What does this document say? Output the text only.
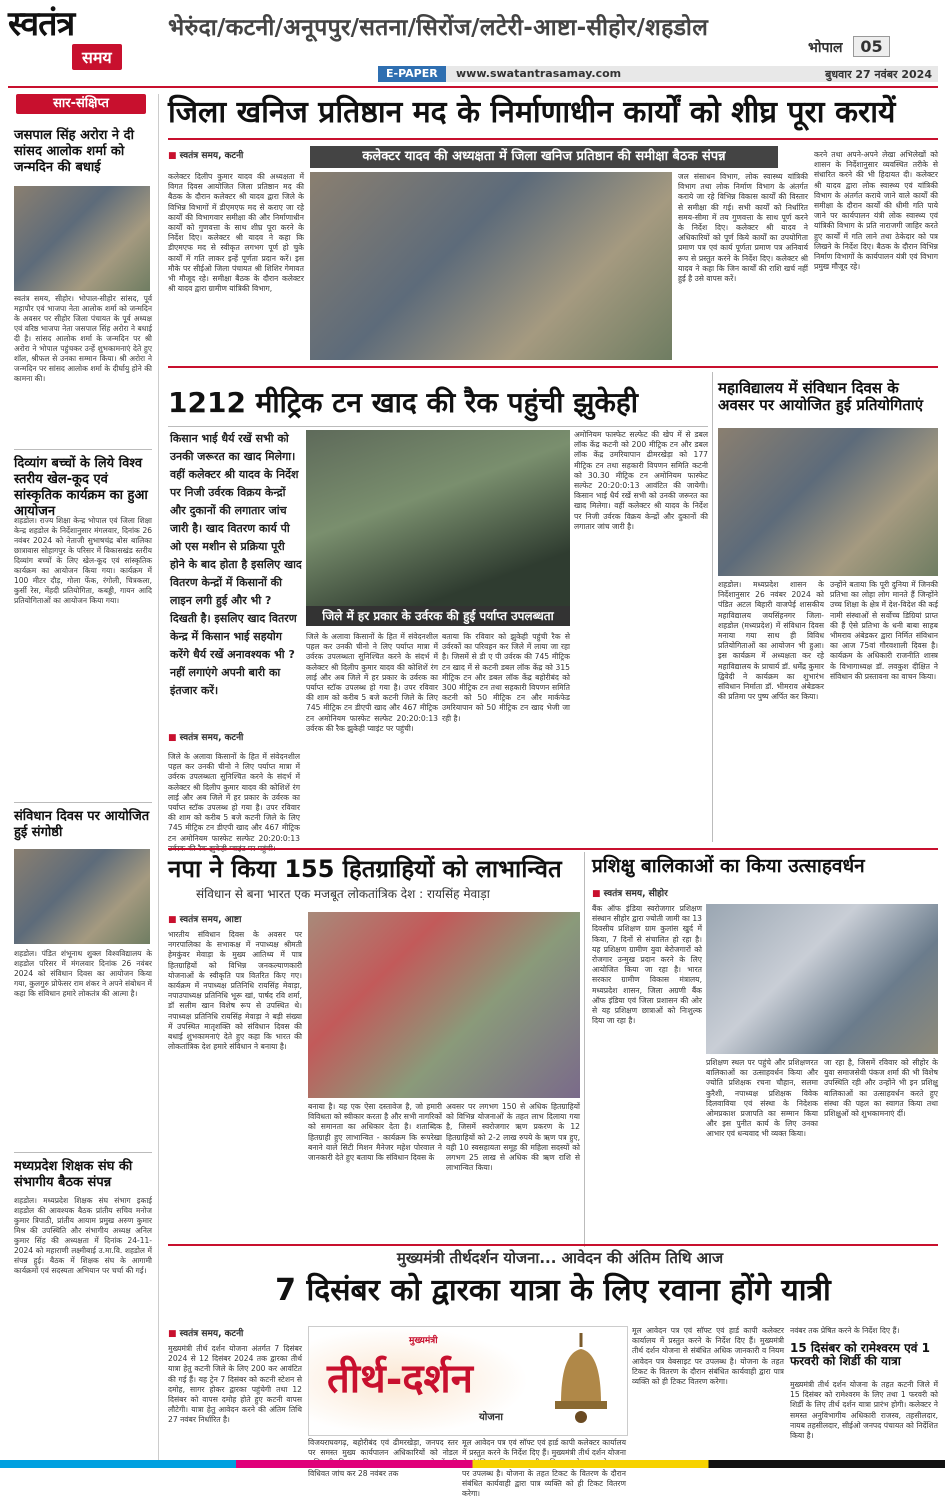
स्वतंत्र
समय
भेरुंदा/कटनी/अनूपपुर/सतना/सिरोंज/लटेरी-आष्टा-सीहोर/शहडोल
भोपाल 05
E-PAPER	www.swatantrasamay.com	बुधवार 27 नवंबर 2024
सार-संक्षिप्त
जसपाल सिंह अरोरा ने दी सांसद आलोक शर्मा को जन्मदिन की बधाई
स्वतंत्र समय, सीहोर। भोपाल-सीहोर सांसद, पूर्व महापौर एवं भाजपा नेता आलोक शर्मा को जन्मदिन के अवसर पर सीहोर जिला पंचायत के पूर्व अध्यक्ष एवं वरिष्ठ भाजपा नेता जसपाल सिंह अरोरा ने बधाई दी है। सांसद आलोक शर्मा के जन्मदिन पर श्री अरोरा ने भोपाल पहुंचकर उन्हें शुभकामनाएं देते हुए शॉल, श्रीफल से उनका सम्मान किया। श्री अरोरा ने जन्मदिन पर सांसद आलोक शर्मा के दीर्घायु होने की कामना की।
दिव्यांग बच्चों के लिये विश्व स्तरीय खेल-कूद एवं सांस्कृतिक कार्यक्रम का हुआ आयोजन
शहडोल। राज्य शिक्षा केन्द्र भोपाल एवं जिला शिक्षा केन्द्र शहडोल के निर्देशानुसार मंगलवार, दिनांक 26 नवंबर 2024 को नेताजी सुभाषचंद्र बोस बालिका छात्रावास सोहागपुर के परिसर में विकासखंड स्तरीय दिव्यांग बच्चों के लिए खेल-कूद एवं सांस्कृतिक कार्यक्रम का आयोजन किया गया। कार्यक्रम में 100 मीटर दौड़, गोला फेंक, रंगोली, चित्रकला, कुर्सी रेस, मेंहदी प्रतियोगिता, कबड्डी, गायन आदि प्रतियोगिताओं का आयोजन किया गया।
संविधान दिवस पर आयोजित हुई संगोष्ठी
शहडोल। पंडित शंभूनाथ शुक्ल विश्वविद्यालय के शहडोल परिसर में मंगलवार दिनांक 26 नवंबर 2024 को संविधान दिवस का आयोजन किया गया, कुलगुरु प्रोफेसर राम शंकर ने अपने संबोधन में कहा कि संविधान हमारे लोकतंत्र की आत्मा है।
मध्यप्रदेश शिक्षक संघ की संभागीय बैठक संपन्न
शहडोल। मध्यप्रदेश शिक्षक संघ संभाग इकाई शहडोल की आवश्यक बैठक प्रांतीय सचिव मनोज कुमार त्रिपाठी, प्रांतीय आयाम प्रमुख अरुण कुमार मिश्र की उपस्थिति और संभागीय अध्यक्ष अनिल कुमार सिंह की अध्यक्षता में दिनांक 24-11-2024 को महाराणी लक्ष्मीबाई उ.मा.वि. शहडोल में संपन्न हुई। बैठक में शिक्षक संघ के आगामी कार्यक्रमों एवं सदस्यता अभियान पर चर्चा की गई।
जिला खनिज प्रतिष्ठान मद के निर्माणाधीन कार्यों को शीघ्र पूरा करायें
■ स्वतंत्र समय, कटनी	कलेक्टर यादव की अध्यक्षता में जिला खनिज प्रतिष्ठान की समीक्षा बैठक संपन्न
कलेक्टर दिलीप कुमार यादव की अध्यक्षता में विगत दिवस आयोजित जिला प्रतिष्ठान मद की बैठक के दौरान कलेक्टर श्री यादव द्वारा जिले के विभिन्न विभागों में डीएमएफ मद से कराए जा रहे कार्यों की विभागवार समीक्षा की और निर्माणाधीन कार्यों को गुणवत्ता के साथ शीघ्र पूरा करने के निर्देश दिए। कलेक्टर श्री यादव ने कहा कि डीएमएफ मद से स्वीकृत लगभग पूर्ण हो चुके कार्यों में गति लाकर इन्हें पूर्णता प्रदान करें। इस मौके पर सीईओ जिला पंचायत श्री शिशिर गेमावत भी मौजूद रहे। समीक्षा बैठक के दौरान कलेक्टर श्री यादव द्वारा ग्रामीण यांत्रिकी विभाग,
जल संसाधन विभाग, लोक स्वास्थ्य यांत्रिकी विभाग तथा लोक निर्माण विभाग के अंतर्गत कराये जा रहे विभिन्न विकास कार्यों की विस्तार से समीक्षा की गई। सभी कार्यों को निर्धारित समय-सीमा में तय गुणवत्ता के साथ पूर्ण करने के निर्देश दिए। कलेक्टर श्री यादव ने अधिकारियों को पूर्ण किये कार्यों का उपयोगिता प्रमाण पत्र एवं कार्य पूर्णता प्रमाण पत्र अनिवार्य रूप से प्रस्तुत करने के निर्देश दिए। कलेक्टर श्री यादव ने कहा कि जिन कार्यों की राशि खर्च नहीं हुई है उसे वापस करें।
करने तथा अपने-अपने लेखा अभिलेखों को शासन के निर्देशानुसार व्यवस्थित तरीके से संधारित करने की भी हिदायत दी। कलेक्टर श्री यादव द्वारा लोक स्वास्थ्य एवं यांत्रिकी विभाग के अंतर्गत कराये जाने वाले कार्यों की समीक्षा के दौरान कार्यों की धीमी गति पाये जाने पर कार्यपालन यंत्री लोक स्वास्थ्य एवं यांत्रिकी विभाग के प्रति नाराजगी जाहिर करते हुए कार्यों में गति लाने तथा ठेकेदार को पत्र लिखने के निर्देश दिए। बैठक के दौरान विभिन्न निर्माण विभागों के कार्यपालन यंत्री एवं विभाग प्रमुख मौजूद रहे।
1212 मीट्रिक टन खाद की रैक पहुंची झुकेही
किसान भाई धैर्य रखें सभी को उनकी जरूरत का खाद मिलेगा। वहीं कलेक्टर श्री यादव के निर्देश पर निजी उर्वरक विक्रय केन्द्रों और दुकानों की लगातार जांच जारी है। खाद वितरण कार्य पी ओ एस मशीन से प्रक्रिया पूरी होने के बाद होता है इसलिए खाद वितरण केन्द्रों में किसानों की लाइन लगी हुई और भी ? दिखती है। इसलिए खाद वितरण केन्द्र में किसान भाई सहयोग करेंगे धैर्य रखें अनावश्यक भी ? नहीं लगाएंगे अपनी बारी का इंतजार करें।
जिले में हर प्रकार के उर्वरक की हुई पर्याप्त उपलब्धता
अमोनियम फास्फेट सल्फेट की खेप में से डबल लॉक केंद्र कटनी को 200 मीट्रिक टन और डबल लॉक केंद्र उमरियापान ढीमरखेड़ा को 177 मीट्रिक टन तथा सहकारी विपणन समिति कटनी को 30.30 मीट्रिक टन अमोनियम फास्फेट सल्फेट 20:20:0:13 आवंटित की जायेगी। किसान भाई धैर्य रखें सभी को उनकी जरूरत का खाद मिलेगा। वहीं कलेक्टर श्री यादव के निर्देश पर निजी उर्वरक विक्रय केन्द्रों और दुकानों की लगातार जांच जारी है।
■ स्वतंत्र समय, कटनी
जिले के अलावा किसानों के हित में संवेदनशील पहल कर उनकी चीनो ने लिए पर्याप्त मात्रा में उर्वरक उपलब्धता सुनिश्चित करने के संदर्भ में कलेक्टर श्री दिलीप कुमार यादव की कोशिशें रंग लाई और अब जिले में हर प्रकार के उर्वरक का पर्याप्त स्टॉक उपलब्ध हो गया है। उपर रविवार की शाम को करीब 5 बजे कटनी जिले के लिए 745 मीट्रिक टन डीएपी खाद और 467 मीट्रिक टन अमोनियम फास्फेट सल्फेट 20:20:0:13
जिले के अलावा किसानों के हित में संवेदनशील पहल कर उनकी चीनो ने लिए पर्याप्त मात्रा में उर्वरक उपलब्धता सुनिश्चित करने के संदर्भ में कलेक्टर श्री दिलीप कुमार यादव की कोशिशें रंग लाई और अब जिले में हर प्रकार के उर्वरक का पर्याप्त स्टॉक उपलब्ध हो गया है। उपर रविवार की शाम को करीब 5 बजे कटनी जिले के लिए 745 मीट्रिक टन डीएपी खाद और 467 मीट्रिक टन अमोनियम फास्फेट सल्फेट 20:20:0:13 उर्वरक की रैक झुकेही प्वाइंट पर पहुंची।
बताया कि रविवार को झुकेही पहुंची रैक से उर्वरकों का परिवहन कर जिले में लाया जा रहा है। जिसमें से डी ए पी उर्वरक की 745 मीट्रिक टन खाद में से कटनी डबल लॉक केंद्र को 315 मीट्रिक टन और डबल लॉक केंद्र बहोरीबंद को 300 मीट्रिक टन तथा सहकारी विपणन समिति कटनी को 50 मीट्रिक टन और मार्कफेड उमरियापान को 50 मीट्रिक टन खाद भेजी जा रही है।
महाविद्यालय में संविधान दिवस के अवसर पर आयोजित हुई प्रतियोगिताएं
शहडोल। मध्यप्रदेश शासन के निर्देशानुसार 26 नवंबर 2024 को पंडित अटल बिहारी वाजपेई शासकीय महाविद्यालय जयसिंहनगर जिला-शहडोल (मध्यप्रदेश) में संविधान दिवस मनाया गया साथ ही विविध प्रतियोगिताओं का आयोजन भी हुआ। इस कार्यक्रम में अध्यक्षता कर रहे महाविद्यालय के प्राचार्य डॉ. धर्मेंद्र कुमार द्विवेदी ने कार्यक्रम का शुभारंभ संविधान निर्माता डॉ. भीमराव अंबेडकर की प्रतिमा पर पुष्प अर्पित कर किया।
उन्होंने बताया कि पूरी दुनिया में जिनकी प्रतिभा का लोहा लोग मानते हैं जिन्होंने उच्च शिक्षा के क्षेत्र में देश-विदेश की कई नामी संस्थाओं से सर्वोच्च डिग्रियां प्राप्त की हैं ऐसे प्रतिभा के धनी बाबा साहब भीमराव अंबेडकर द्वारा निर्मित संविधान का आज 75वां गौरवशाली दिवस है। कार्यक्रम के अधिकारी राजनीति शास्त्र के विभागाध्यक्ष डॉ. लवकुश दीक्षित ने संविधान की प्रस्तावना का वाचन किया।
नपा ने किया 155 हितग्राहियों को लाभान्वित
संविधान से बना भारत एक मजबूत लोकतांत्रिक देश : रायसिंह मेवाड़ा
■ स्वतंत्र समय, आष्टा
भारतीय संविधान दिवस के अवसर पर नगरपालिका के सभाकक्ष में नपाध्यक्ष श्रीमती हेमकुंवर मेवाड़ा के मुख्य आतिथ्य में पात्र हितग्राहियों को विभिन्न जनकल्याणकारी योजनाओं के स्वीकृति पत्र वितरित किए गए। कार्यक्रम में नपाध्यक्ष प्रतिनिधि रायसिंह मेवाड़ा, नपाउपाध्यक्ष प्रतिनिधि भूरू खां, पार्षद रवि शर्मा, डॉ सलीम खान विशेष रूप से उपस्थित थे। नपाध्यक्ष प्रतिनिधि रायसिंह मेवाड़ा ने बड़ी संख्या में उपस्थित मातृशक्ति को संविधान दिवस की बधाई शुभकामनाएं देते हुए कहा कि भारत की लोकतांत्रिक देश हमारे संविधान ने बनाया है।
बनाया है। यह एक ऐसा दस्तावेज है, जो हमारी विविधता को स्वीकार करता है और सभी नागरिकों को समानता का अधिकार देता है। शताब्दिक हितग्राही हुए लाभान्वित - कार्यक्रम कि रूपरेखा बनाने वाले सिटी मिशन मैनेजर महेश पोरवाल ने जानकारी देते हुए बताया कि संविधान दिवस के
अवसर पर लगभग 150 से अधिक हितग्राहियों को विभिन्न योजनाओं के तहत लाभ दिलाया गया है, जिसमें स्वरोजगार ऋण प्रकरण के 12 हितग्राहियों को 2-2 लाख रुपये के ऋण पत्र हुए, वही 10 स्वसहायता समूह की महिला सदस्यों को लगभग 25 लाख से अधिक की ऋण राशि से लाभान्वित किया।
प्रशिक्षु बालिकाओं का किया उत्साहवर्धन
■ स्वतंत्र समय, सीहोर
बैंक ऑफ इंडिया स्वरोजगार प्रशिक्षण संस्थान सीहोर द्वारा ज्योती जामी का 13 दिवसीय प्रशिक्षण ग्राम कुलांस खुर्द में किया, 7 दिनों से संचालित हो रहा है। यह प्रशिक्षण ग्रामीण युवा बेरोजगारों को रोजगार उन्मुख प्रदान करने के लिए आयोजित किया जा रहा है। भारत सरकार ग्रामीण विकास मंत्रालय, मध्यप्रदेश शासन, जिला अग्रणी बैंक ऑफ इंडिया एवं जिला प्रशासन की ओर से यह प्रशिक्षण छात्राओं को निःशुल्क दिया जा रहा है।
प्रशिक्षण स्थल पर पहुंचे और प्रशिक्षणरत बालिकाओं का उत्साहवर्धन किया और ज्योति प्रशिक्षक रचना चौहान, सलमा कुरैशी, नपाध्यक्ष प्रशिक्षक विवेक दिलवाविया एवं संस्था के निदेशक ओमप्रकाश प्रजापति का सम्मान किया और इस पुनीत कार्य के लिए उनका आभार एवं धन्यवाद भी व्यक्त किया।
जा रहा है, जिसमें रविवार को सीहोर के युवा समाजसेवी पंकज शर्मा की भी विशेष उपस्थिति रही और उन्होंने भी इन प्रशिक्षु बालिकाओं का उत्साहवर्धन करते हुए संस्था की पहल का स्वागत किया तथा प्रशिक्षुओं को शुभकामनाएं दीं।
मुख्यमंत्री तीर्थदर्शन योजना... आवेदन की अंतिम तिथि आज
7 दिसंबर को द्वारका यात्रा के लिए रवाना होंगे यात्री
■ स्वतंत्र समय, कटनी
मुख्यमंत्री तीर्थ दर्शन योजना अंतर्गत 7 दिसंबर 2024 से 12 दिसंबर 2024 तक द्वारका तीर्थ यात्रा हेतु कटनी जिले के लिए 200 कर आवंटित की गई हैं। यह ट्रेन 7 दिसंबर को कटनी स्टेशन से दमोह, सागर होकर द्वारका पहुंचेगी तथा 12 दिसंबर को वापस दमोह होते हुए कटनी वापस लौटेगी। यात्रा हेतु आवेदन करने की अंतिम तिथि 27 नवंबर निर्धारित है।
मुख्यमंत्री
तीर्थ-दर्शन
योजना
विजयराघवगढ़, बहोरीबंद एवं ढीमरखेड़ा, जनपद स्तर पर समस्त मुख्य कार्यपालन अधिकारियों को नोडल विधिवत जांच कर 28 नवंबर तक
मूल आवेदन पत्र एवं सॉफ्ट एवं हार्ड कापी कलेक्टर कार्यालय में प्रस्तुत करने के निर्देश दिए हैं। मुख्यमंत्री तीर्थ दर्शन योजना पर उपलब्ध है। योजना के तहत टिकट के वितरण के दौरान संबंधित कार्यवाही द्वारा पात्र व्यक्ति को ही टिकट वितरण करेगा।
मूल आवेदन पत्र एवं सॉफ्ट एवं हार्ड कापी कलेक्टर कार्यालय में प्रस्तुत करने के निर्देश दिए हैं। मुख्यमंत्री तीर्थ दर्शन योजना से संबंधित अधिक जानकारी व नियम आवेदन पत्र वेबसाइट पर उपलब्ध है। योजना के तहत टिकट के वितरण के दौरान संबंधित कार्यवाही द्वारा पात्र व्यक्ति को ही टिकट वितरण करेगा।
नवंबर तक प्रेषित करने के निर्देश दिए हैं।
15 दिसंबर को रामेश्वरम एवं 1 फरवरी को शिर्डी की यात्रा
मुख्यमंत्री तीर्थ दर्शन योजना के तहत कटनी जिले में 15 दिसंबर को रामेश्वरम के लिए तथा 1 फरवरी को शिर्डी के लिए तीर्थ दर्शन यात्रा प्रारंभ होगी। कलेक्टर ने समस्त अनुविभागीय अधिकारी राजस्व, तहसीलदार, नायब तहसीलदार, सीईओ जनपद पंचायत को निर्देशित किया है।
